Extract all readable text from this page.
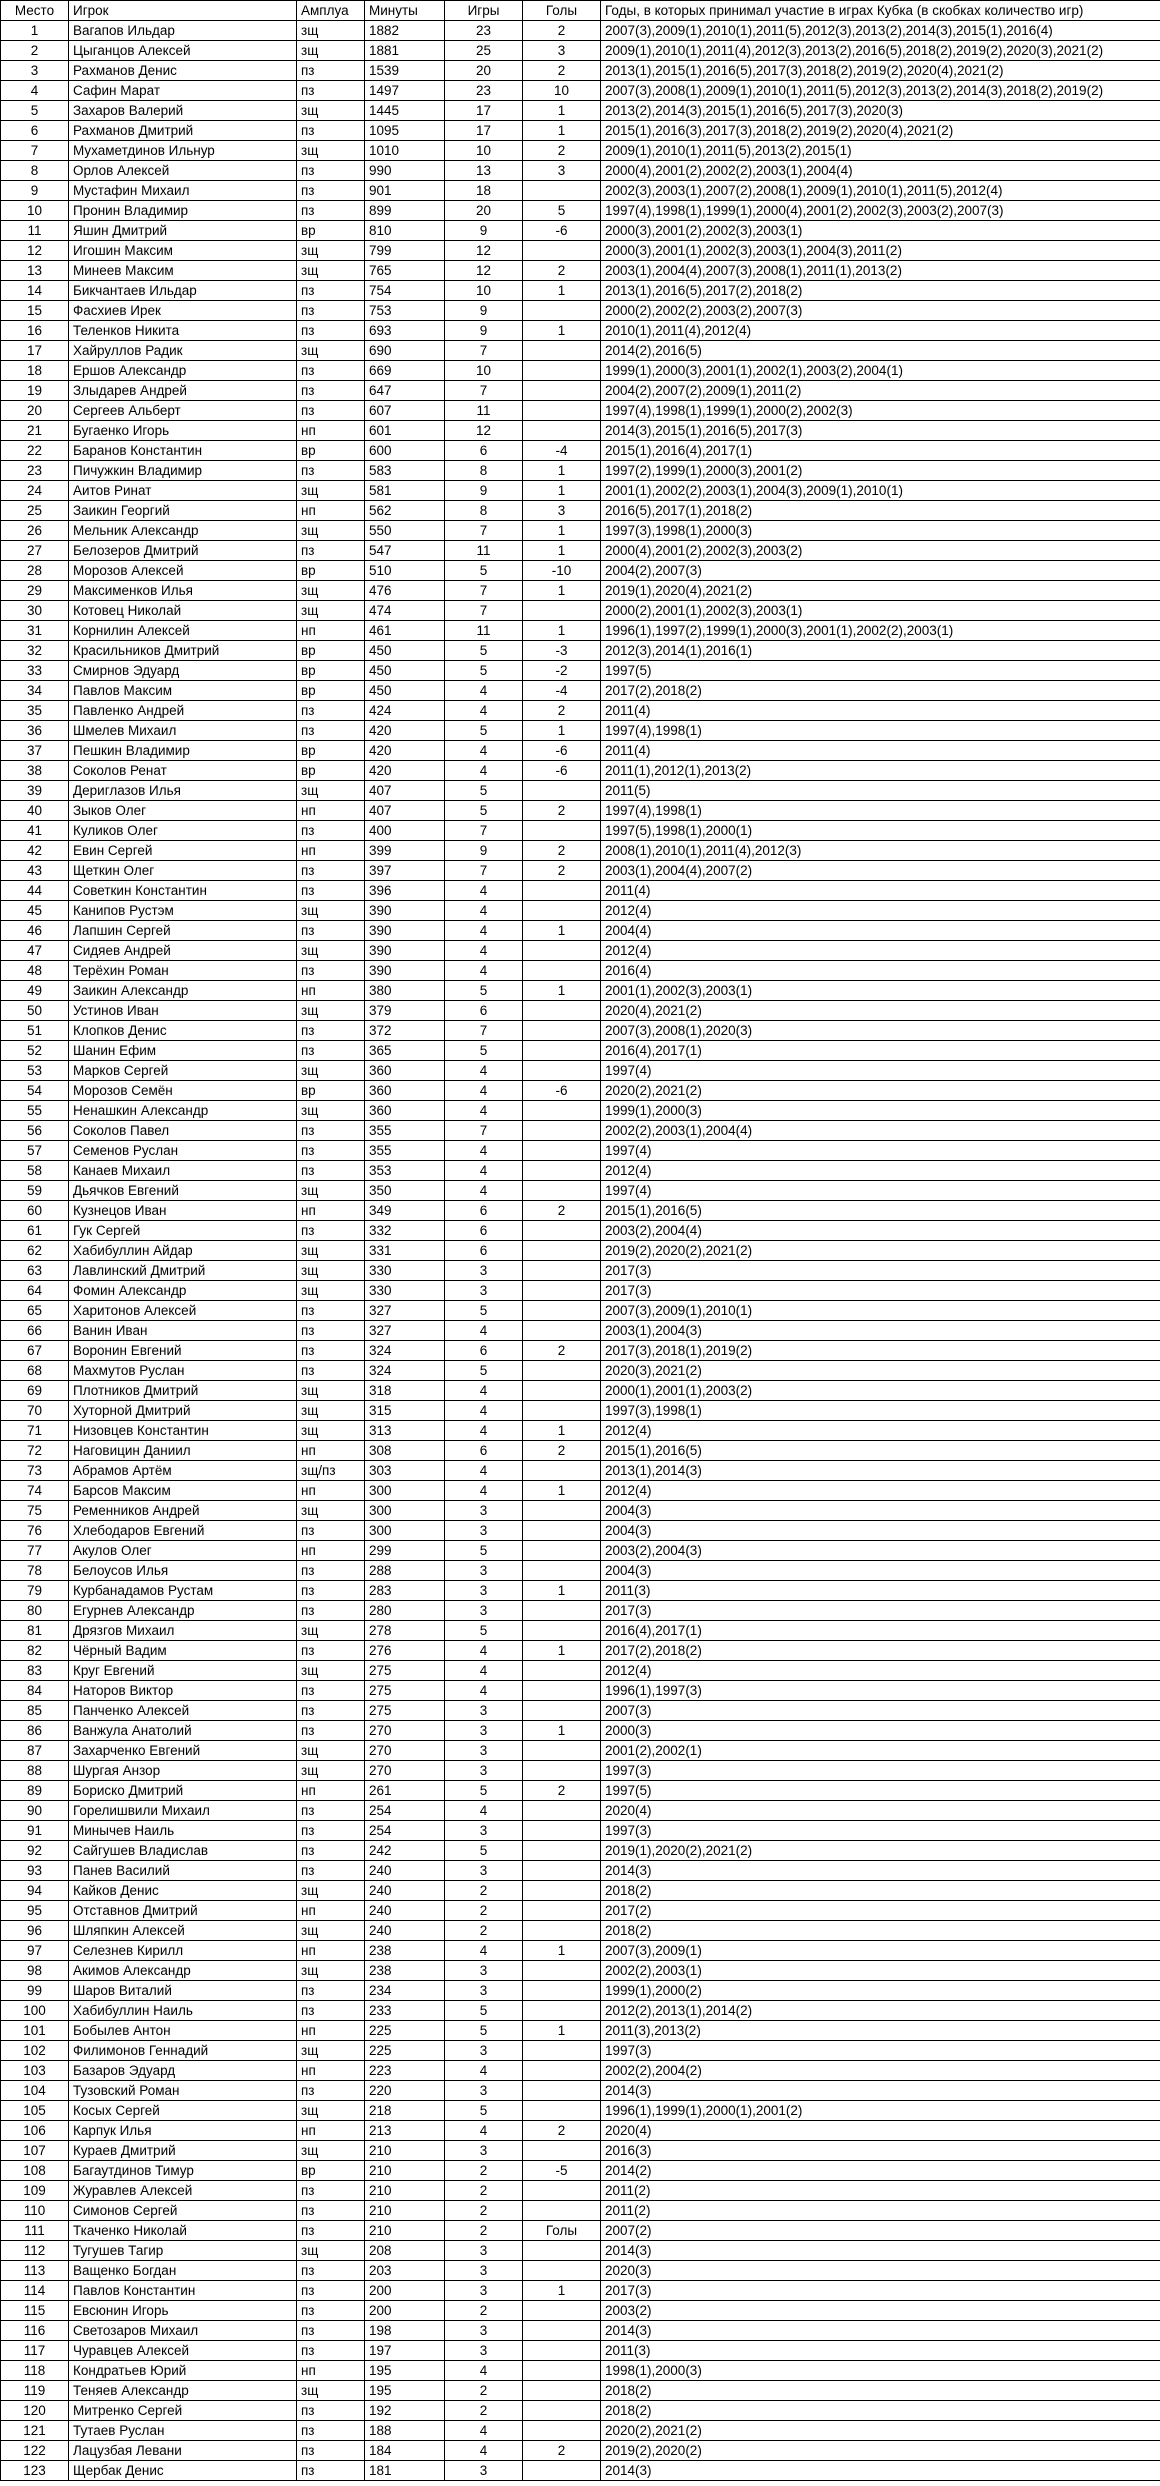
Место	Игрок	Амплуа	Минуты	Игры	Голы	Годы, в которых принимал участие в играх Кубка (в скобках количество игр)
1	Вагапов Ильдар	зщ	1882	23	2	2007(3),2009(1),2010(1),2011(5),2012(3),2013(2),2014(3),2015(1),2016(4)
2	Цыганцов Алексей	зщ	1881	25	3	2009(1),2010(1),2011(4),2012(3),2013(2),2016(5),2018(2),2019(2),2020(3),2021(2)
3	Рахманов Денис	пз	1539	20	2	2013(1),2015(1),2016(5),2017(3),2018(2),2019(2),2020(4),2021(2)
4	Сафин Марат	пз	1497	23	10	2007(3),2008(1),2009(1),2010(1),2011(5),2012(3),2013(2),2014(3),2018(2),2019(2)
5	Захаров Валерий	зщ	1445	17	1	2013(2),2014(3),2015(1),2016(5),2017(3),2020(3)
6	Рахманов Дмитрий	пз	1095	17	1	2015(1),2016(3),2017(3),2018(2),2019(2),2020(4),2021(2)
7	Мухаметдинов Ильнур	зщ	1010	10	2	2009(1),2010(1),2011(5),2013(2),2015(1)
8	Орлов Алексей	пз	990	13	3	2000(4),2001(2),2002(2),2003(1),2004(4)
9	Мустафин Михаил	пз	901	18		2002(3),2003(1),2007(2),2008(1),2009(1),2010(1),2011(5),2012(4)
10	Пронин Владимир	пз	899	20	5	1997(4),1998(1),1999(1),2000(4),2001(2),2002(3),2003(2),2007(3)
11	Яшин Дмитрий	вр	810	9	-6	2000(3),2001(2),2002(3),2003(1)
12	Игошин Максим	зщ	799	12		2000(3),2001(1),2002(3),2003(1),2004(3),2011(2)
13	Минеев Максим	зщ	765	12	2	2003(1),2004(4),2007(3),2008(1),2011(1),2013(2)
14	Бикчантаев Ильдар	пз	754	10	1	2013(1),2016(5),2017(2),2018(2)
15	Фасхиев Ирек	пз	753	9		2000(2),2002(2),2003(2),2007(3)
16	Теленков Никита	пз	693	9	1	2010(1),2011(4),2012(4)
17	Хайруллов Радик	зщ	690	7		2014(2),2016(5)
18	Ершов Александр	пз	669	10		1999(1),2000(3),2001(1),2002(1),2003(2),2004(1)
19	Злыдарев Андрей	пз	647	7		2004(2),2007(2),2009(1),2011(2)
20	Сергеев Альберт	пз	607	11		1997(4),1998(1),1999(1),2000(2),2002(3)
21	Бугаенко Игорь	нп	601	12		2014(3),2015(1),2016(5),2017(3)
22	Баранов Константин	вр	600	6	-4	2015(1),2016(4),2017(1)
23	Пичужкин Владимир	пз	583	8	1	1997(2),1999(1),2000(3),2001(2)
24	Аитов Ринат	зщ	581	9	1	2001(1),2002(2),2003(1),2004(3),2009(1),2010(1)
25	Заикин Георгий	нп	562	8	3	2016(5),2017(1),2018(2)
26	Мельник Александр	зщ	550	7	1	1997(3),1998(1),2000(3)
27	Белозеров Дмитрий	пз	547	11	1	2000(4),2001(2),2002(3),2003(2)
28	Морозов Алексей	вр	510	5	-10	2004(2),2007(3)
29	Максименков Илья	зщ	476	7	1	2019(1),2020(4),2021(2)
30	Котовец Николай	зщ	474	7		2000(2),2001(1),2002(3),2003(1)
31	Корнилин Алексей	нп	461	11	1	1996(1),1997(2),1999(1),2000(3),2001(1),2002(2),2003(1)
32	Красильников Дмитрий	вр	450	5	-3	2012(3),2014(1),2016(1)
33	Смирнов Эдуард	вр	450	5	-2	1997(5)
34	Павлов Максим	вр	450	4	-4	2017(2),2018(2)
35	Павленко Андрей	пз	424	4	2	2011(4)
36	Шмелев Михаил	пз	420	5	1	1997(4),1998(1)
37	Пешкин Владимир	вр	420	4	-6	2011(4)
38	Соколов Ренат	вр	420	4	-6	2011(1),2012(1),2013(2)
39	Дериглазов Илья	зщ	407	5		2011(5)
40	Зыков Олег	нп	407	5	2	1997(4),1998(1)
41	Куликов Олег	пз	400	7		1997(5),1998(1),2000(1)
42	Евин Сергей	нп	399	9	2	2008(1),2010(1),2011(4),2012(3)
43	Щеткин Олег	пз	397	7	2	2003(1),2004(4),2007(2)
44	Советкин Константин	пз	396	4		2011(4)
45	Канипов Рустэм	зщ	390	4		2012(4)
46	Лапшин Сергей	пз	390	4	1	2004(4)
47	Сидяев Андрей	зщ	390	4		2012(4)
48	Терёхин Роман	пз	390	4		2016(4)
49	Заикин Александр	нп	380	5	1	2001(1),2002(3),2003(1)
50	Устинов Иван	зщ	379	6		2020(4),2021(2)
51	Клопков Денис	пз	372	7		2007(3),2008(1),2020(3)
52	Шанин Ефим	пз	365	5		2016(4),2017(1)
53	Марков Сергей	зщ	360	4		1997(4)
54	Морозов Семён	вр	360	4	-6	2020(2),2021(2)
55	Ненашкин Александр	зщ	360	4		1999(1),2000(3)
56	Соколов Павел	пз	355	7		2002(2),2003(1),2004(4)
57	Семенов Руслан	пз	355	4		1997(4)
58	Канаев Михаил	пз	353	4		2012(4)
59	Дьячков Евгений	зщ	350	4		1997(4)
60	Кузнецов Иван	нп	349	6	2	2015(1),2016(5)
61	Гук Сергей	пз	332	6		2003(2),2004(4)
62	Хабибуллин Айдар	зщ	331	6		2019(2),2020(2),2021(2)
63	Лавлинский Дмитрий	зщ	330	3		2017(3)
64	Фомин Александр	зщ	330	3		2017(3)
65	Харитонов Алексей	пз	327	5		2007(3),2009(1),2010(1)
66	Ванин Иван	пз	327	4		2003(1),2004(3)
67	Воронин Евгений	пз	324	6	2	2017(3),2018(1),2019(2)
68	Махмутов Руслан	пз	324	5		2020(3),2021(2)
69	Плотников Дмитрий	зщ	318	4		2000(1),2001(1),2003(2)
70	Хуторной Дмитрий	зщ	315	4		1997(3),1998(1)
71	Низовцев Константин	зщ	313	4	1	2012(4)
72	Наговицин Даниил	нп	308	6	2	2015(1),2016(5)
73	Абрамов Артём	зщ/пз	303	4		2013(1),2014(3)
74	Барсов Максим	нп	300	4	1	2012(4)
75	Ременников Андрей	зщ	300	3		2004(3)
76	Хлебодаров Евгений	пз	300	3		2004(3)
77	Акулов Олег	нп	299	5		2003(2),2004(3)
78	Белоусов Илья	пз	288	3		2004(3)
79	Курбанадамов Рустам	пз	283	3	1	2011(3)
80	Егурнев Александр	пз	280	3		2017(3)
81	Дрязгов Михаил	зщ	278	5		2016(4),2017(1)
82	Чёрный Вадим	пз	276	4	1	2017(2),2018(2)
83	Круг Евгений	зщ	275	4		2012(4)
84	Наторов Виктор	пз	275	4		1996(1),1997(3)
85	Панченко Алексей	пз	275	3		2007(3)
86	Ванжула Анатолий	пз	270	3	1	2000(3)
87	Захарченко Евгений	зщ	270	3		2001(2),2002(1)
88	Шургая Анзор	зщ	270	3		1997(3)
89	Бориско Дмитрий	нп	261	5	2	1997(5)
90	Горелишвили Михаил	пз	254	4		2020(4)
91	Минычев Наиль	пз	254	3		1997(3)
92	Сайгушев Владислав	пз	242	5		2019(1),2020(2),2021(2)
93	Панев Василий	пз	240	3		2014(3)
94	Кайков Денис	зщ	240	2		2018(2)
95	Отставнов Дмитрий	нп	240	2		2017(2)
96	Шляпкин Алексей	зщ	240	2		2018(2)
97	Селезнев Кирилл	нп	238	4	1	2007(3),2009(1)
98	Акимов Александр	зщ	238	3		2002(2),2003(1)
99	Шаров Виталий	пз	234	3		1999(1),2000(2)
100	Хабибуллин Наиль	пз	233	5		2012(2),2013(1),2014(2)
101	Бобылев Антон	нп	225	5	1	2011(3),2013(2)
102	Филимонов Геннадий	зщ	225	3		1997(3)
103	Базаров Эдуард	нп	223	4		2002(2),2004(2)
104	Тузовский Роман	пз	220	3		2014(3)
105	Косых Сергей	зщ	218	5		1996(1),1999(1),2000(1),2001(2)
106	Карпук Илья	нп	213	4	2	2020(4)
107	Кураев Дмитрий	зщ	210	3		2016(3)
108	Багаутдинов Тимур	вр	210	2	-5	2014(2)
109	Журавлев Алексей	пз	210	2		2011(2)
110	Симонов Сергей	пз	210	2		2011(2)
111	Ткаченко Николай	пз	210	2	Голы	2007(2)
112	Тугушев Тагир	зщ	208	3		2014(3)
113	Ващенко Богдан	пз	203	3		2020(3)
114	Павлов Константин	пз	200	3	1	2017(3)
115	Евсюнин Игорь	пз	200	2		2003(2)
116	Светозаров Михаил	пз	198	3		2014(3)
117	Чуравцев Алексей	пз	197	3		2011(3)
118	Кондратьев Юрий	нп	195	4		1998(1),2000(3)
119	Теняев Александр	зщ	195	2		2018(2)
120	Митренко Сергей	пз	192	2		2018(2)
121	Тутаев Руслан	пз	188	4		2020(2),2021(2)
122	Лацузбая Левани	пз	184	4	2	2019(2),2020(2)
123	Щербак Денис	пз	181	3		2014(3)
